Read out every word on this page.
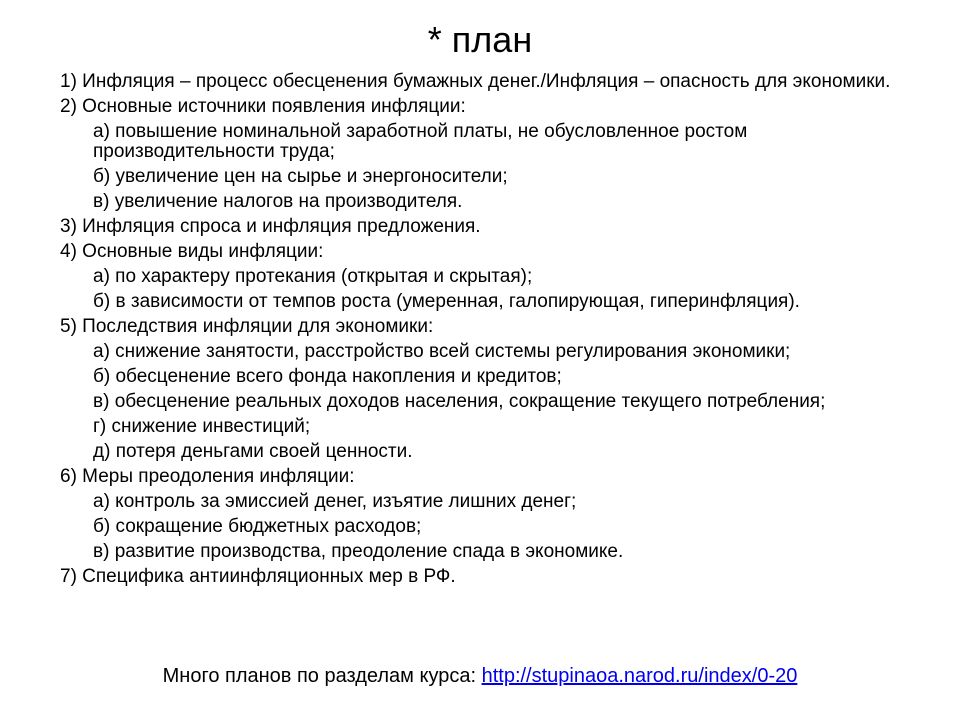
* план
1) Инфляция – процесс обесценения бумажных денег./Инфляция – опасность для экономики.
2) Основные источники появления инфляции:
а) повышение номинальной заработной платы, не обусловленное ростом производительности труда;
б) увеличение цен на сырье и энергоносители;
в) увеличение налогов на производителя.
3) Инфляция спроса и инфляция предложения.
4) Основные виды инфляции:
а) по характеру протекания (открытая и скрытая);
б) в зависимости от темпов роста (умеренная, галопирующая, гиперинфляция).
5) Последствия инфляции для экономики:
а) снижение занятости, расстройство всей системы регулирования экономики;
б) обесценение всего фонда накопления и кредитов;
в) обесценение реальных доходов населения, сокращение текущего потребления;
г) снижение инвестиций;
д) потеря деньгами своей ценности.
6) Меры преодоления инфляции:
а) контроль за эмиссией денег, изъятие лишних денег;
б) сокращение бюджетных расходов;
в) развитие производства, преодоление спада в экономике.
7) Специфика антиинфляционных мер в РФ.
Много планов по разделам курса: http://stupinaoa.narod.ru/index/0-20
